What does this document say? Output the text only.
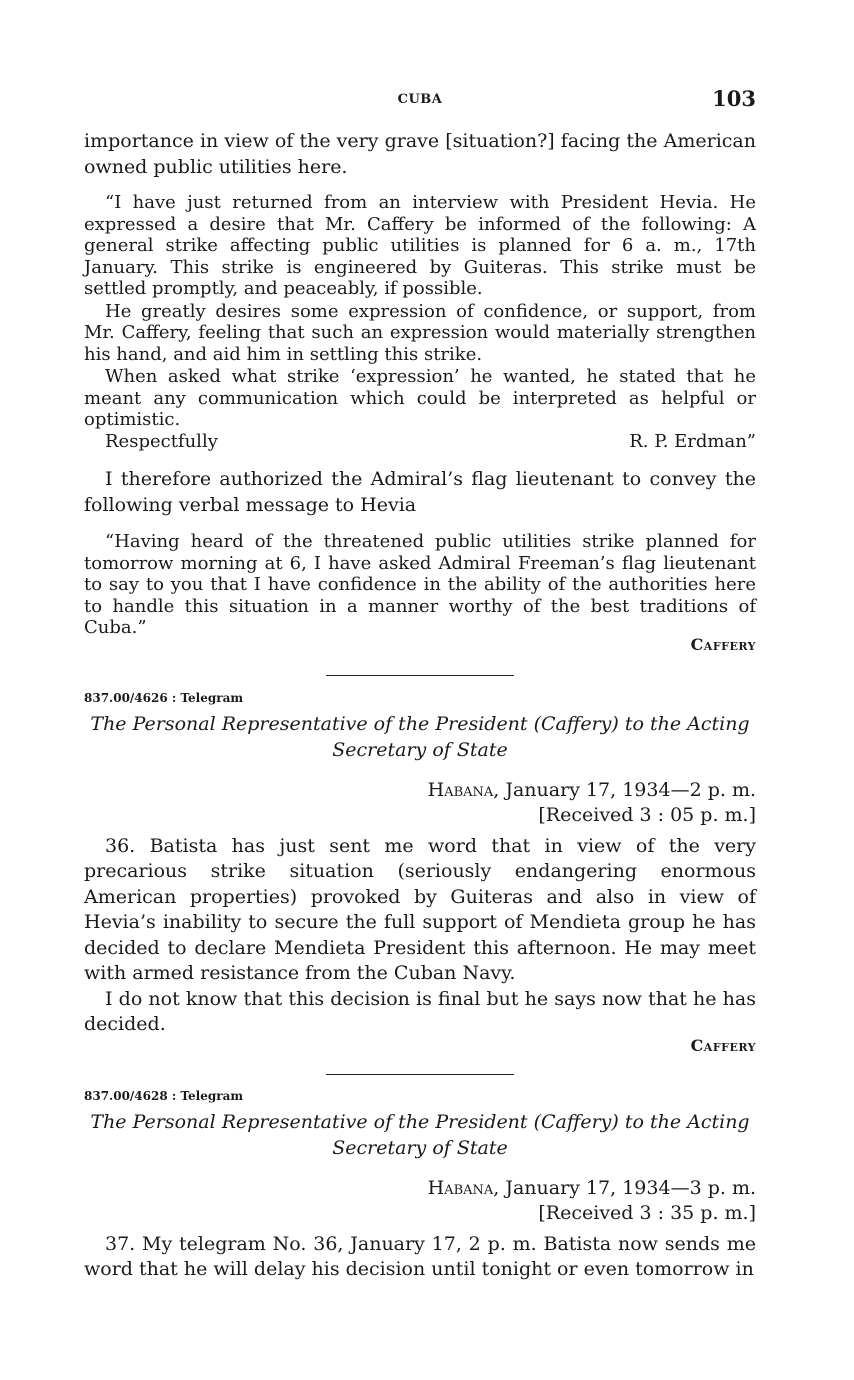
CUBA	103

importance in view of the very grave [situation?] facing the American owned public utilities here.

“I have just returned from an interview with President Hevia. He expressed a desire that Mr. Caffery be informed of the following: A general strike affecting public utilities is planned for 6 a. m., 17th January. This strike is engineered by Guiteras. This strike must be settled promptly, and peaceably, if possible.

He greatly desires some expression of confidence, or support, from Mr. Caffery, feeling that such an expression would materially strengthen his hand, and aid him in settling this strike.

When asked what strike ‘expression’ he wanted, he stated that he meant any communication which could be interpreted as helpful or optimistic.

Respectfully	R. P. Erdman”

I therefore authorized the Admiral’s flag lieutenant to convey the following verbal message to Hevia

“Having heard of the threatened public utilities strike planned for tomorrow morning at 6, I have asked Admiral Freeman’s flag lieutenant to say to you that I have confidence in the ability of the authorities here to handle this situation in a manner worthy of the best traditions of Cuba.”

Caffery

837.00/4626 : Telegram

The Personal Representative of the President (Caffery) to the Acting
Secretary of State

Habana, January 17, 1934—2 p. m.

[Received 3 : 05 p. m.]

36. Batista has just sent me word that in view of the very precarious strike situation (seriously endangering enormous American properties) provoked by Guiteras and also in view of Hevia’s inability to secure the full support of Mendieta group he has decided to declare Mendieta President this afternoon. He may meet with armed resistance from the Cuban Navy.

I do not know that this decision is final but he says now that he has decided.

Caffery

837.00/4628 : Telegram

The Personal Representative of the President (Caffery) to the Acting
Secretary of State

Habana, January 17, 1934—3 p. m.

[Received 3 : 35 p. m.]

37. My telegram No. 36, January 17, 2 p. m. Batista now sends me word that he will delay his decision until tonight or even tomorrow in
